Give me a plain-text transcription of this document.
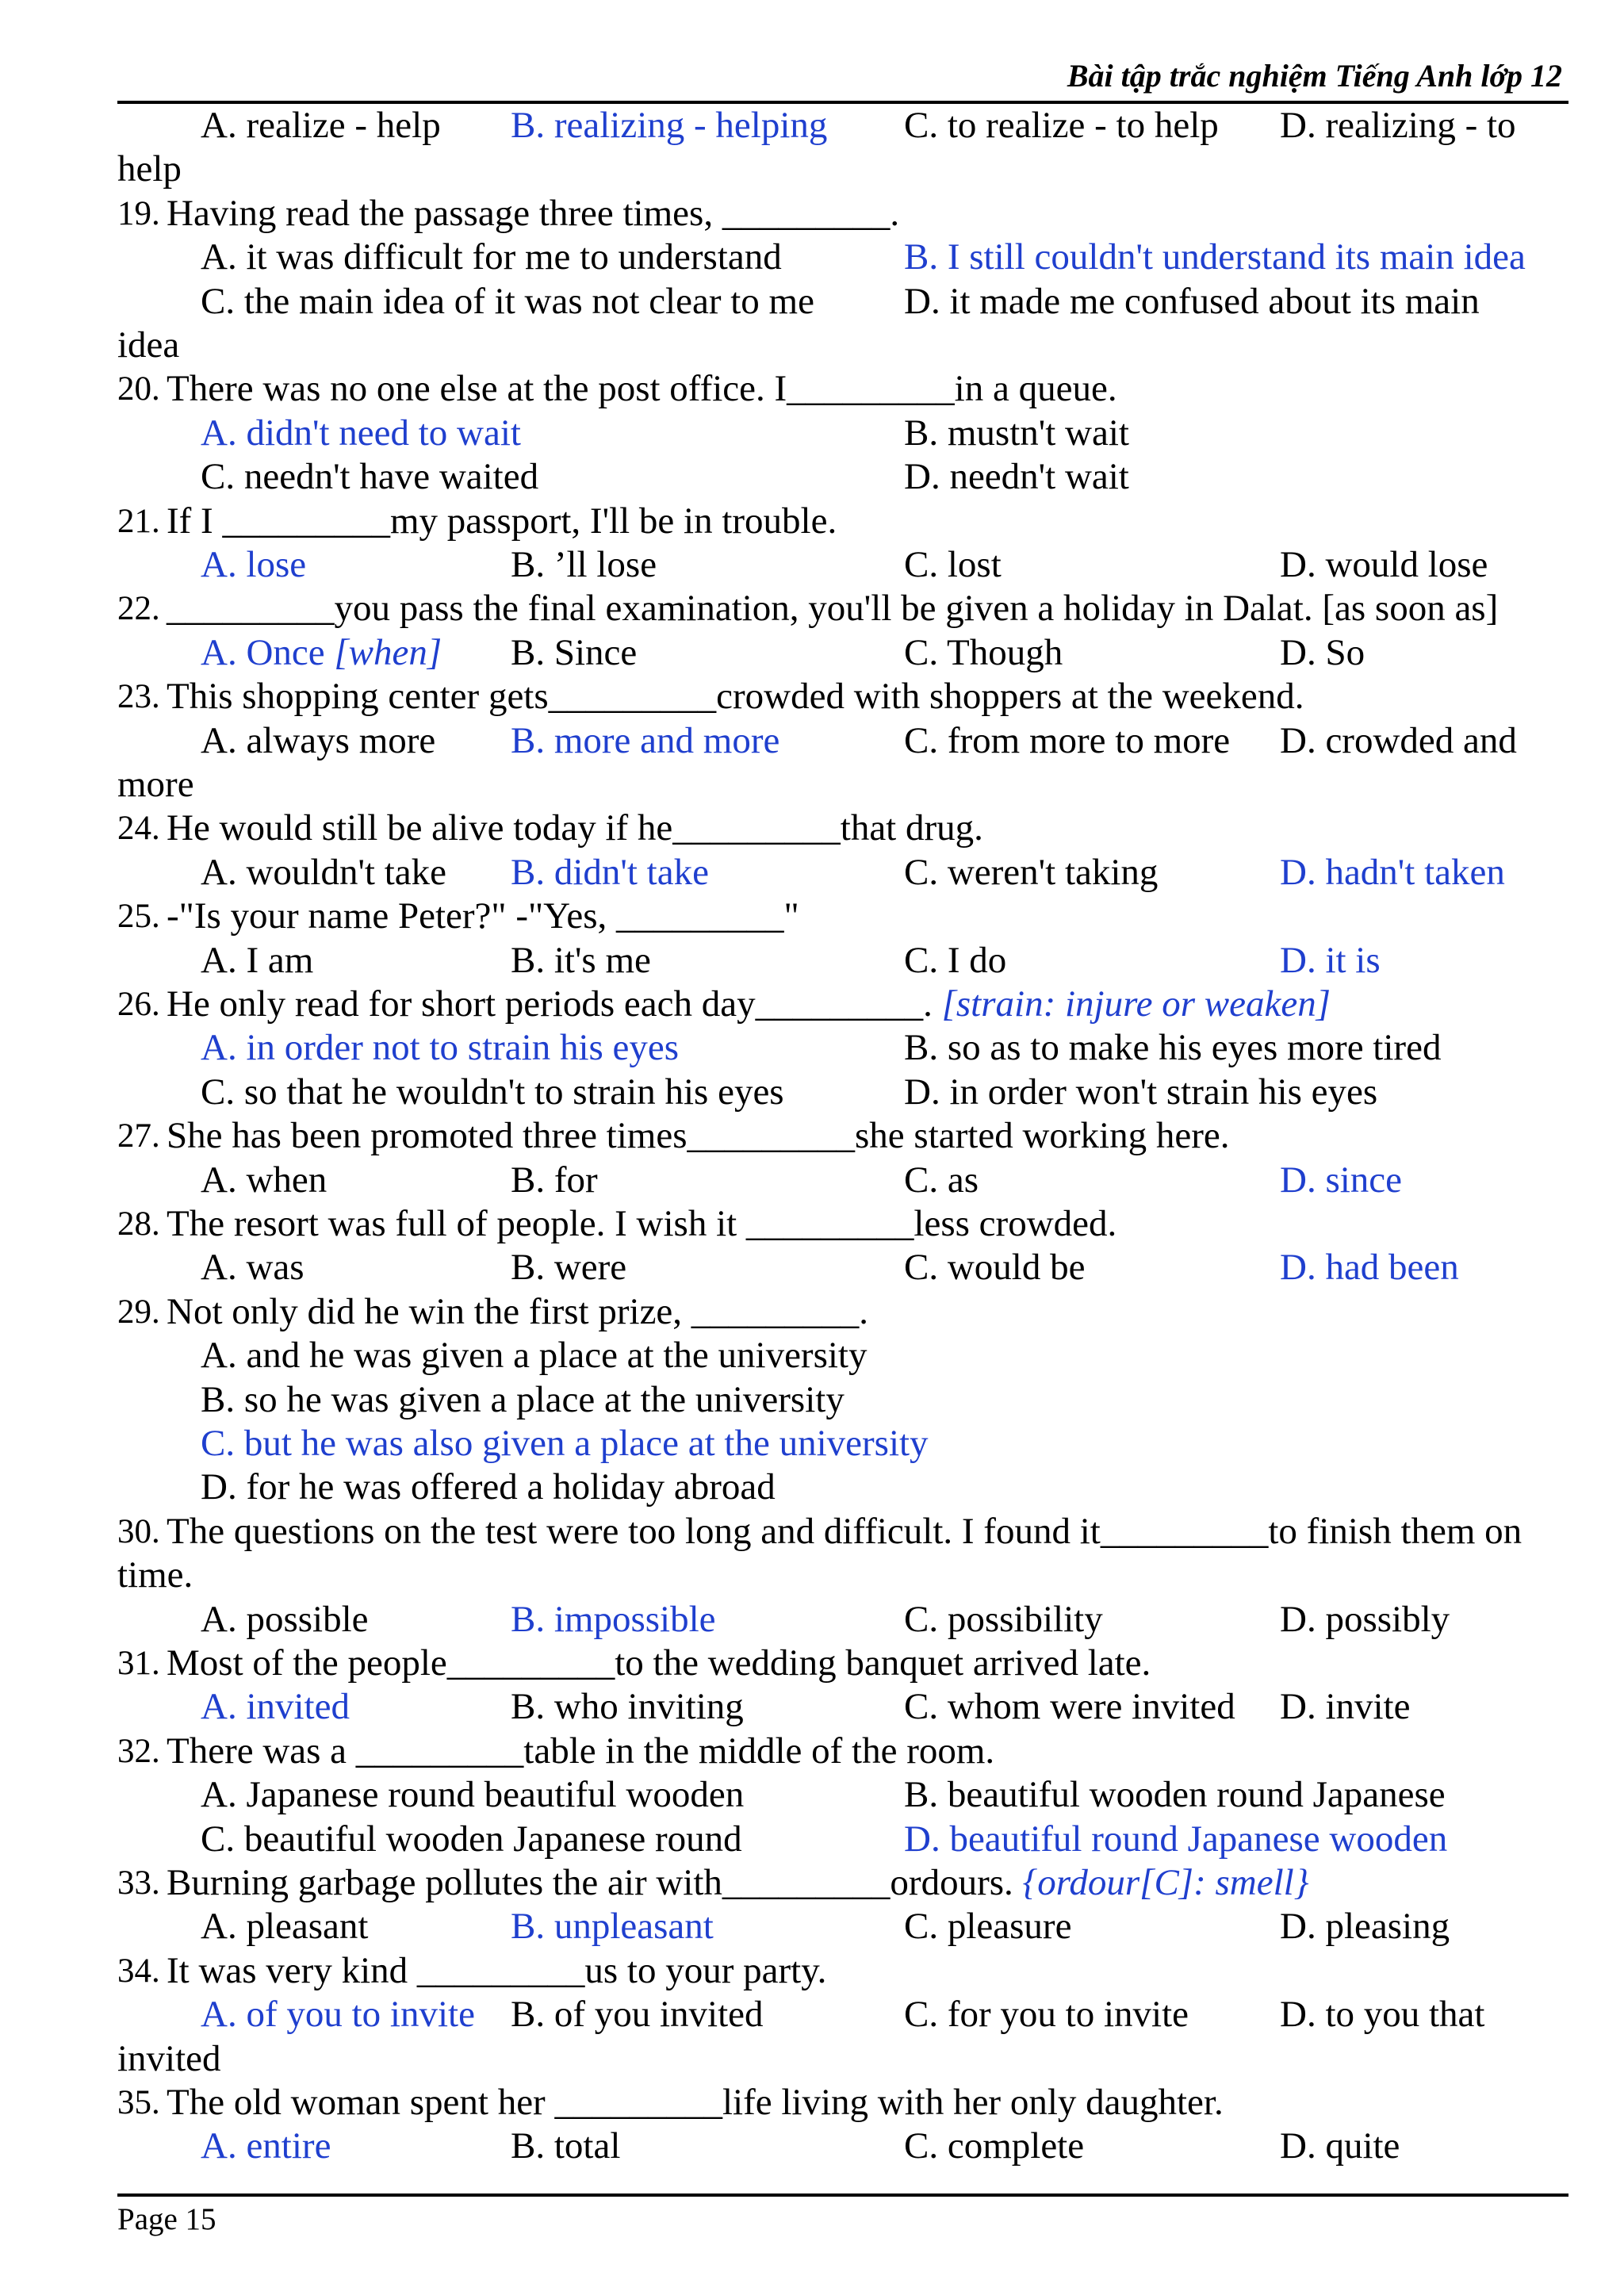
Bài tập trắc nghiệm Tiếng Anh lớp 12
A. realize - help B. realizing - helping C. to realize - to help D. realizing - to
help
19. Having read the passage three times, _________.
A. it was difficult for me to understand	B. I still couldn't understand its main idea
C. the main idea of it was not clear to me D. it made me confused about its main
idea
20. There was no one else at the post office. I_________in a queue.
A. didn't need to wait	B. mustn't wait
C. needn't have waited	D. needn't wait
21. If I _________my passport, I'll be in trouble.
A. lose	B. ’ll lose	C. lost	D. would lose
22. _________you pass the final examination, you'll be given a holiday in Dalat. [as soon as]
A. Once [when] B. Since	C. Though	D. So
23. This shopping center gets_________crowded with shoppers at the weekend.
A. always more B. more and more	C. from more to more D. crowded and
more
24. He would still be alive today if he_________that drug.
A. wouldn't take B. didn't take	C. weren't taking	D. hadn't taken
25. -"Is your name Peter?" -"Yes, _________"
A. I am	B. it's me	C. I do	D. it is
26. He only read for short periods each day_________. [strain: injure or weaken]
A. in order not to strain his eyes	B. so as to make his eyes more tired
C. so that he wouldn't to strain his eyes	D. in order won't strain his eyes
27. She has been promoted three times_________she started working here.
A. when	B. for	C. as	D. since
28. The resort was full of people. I wish it _________less crowded.
A. was	B. were	C. would be	D. had been
29. Not only did he win the first prize, _________.
A. and he was given a place at the university
B. so he was given a place at the university
C. but he was also given a place at the university
D. for he was offered a holiday abroad
30. The questions on the test were too long and difficult. I found it_________to finish them on
time.
A. possible	B. impossible	C. possibility	D. possibly
31. Most of the people_________to the wedding banquet arrived late.
A. invited	B. who inviting	C. whom were invited D. invite
32. There was a _________table in the middle of the room.
A. Japanese round beautiful wooden	B. beautiful wooden round Japanese
C. beautiful wooden Japanese round	D. beautiful round Japanese wooden
33. Burning garbage pollutes the air with_________ordours. {ordour[C]: smell}
A. pleasant	B. unpleasant	C. pleasure	D. pleasing
34. It was very kind _________us to your party.
A. of you to invite B. of you invited	C. for you to invite D. to you that
invited
35. The old woman spent her _________life living with her only daughter.
A. entire	B. total	C. complete	D. quite
Page 15
